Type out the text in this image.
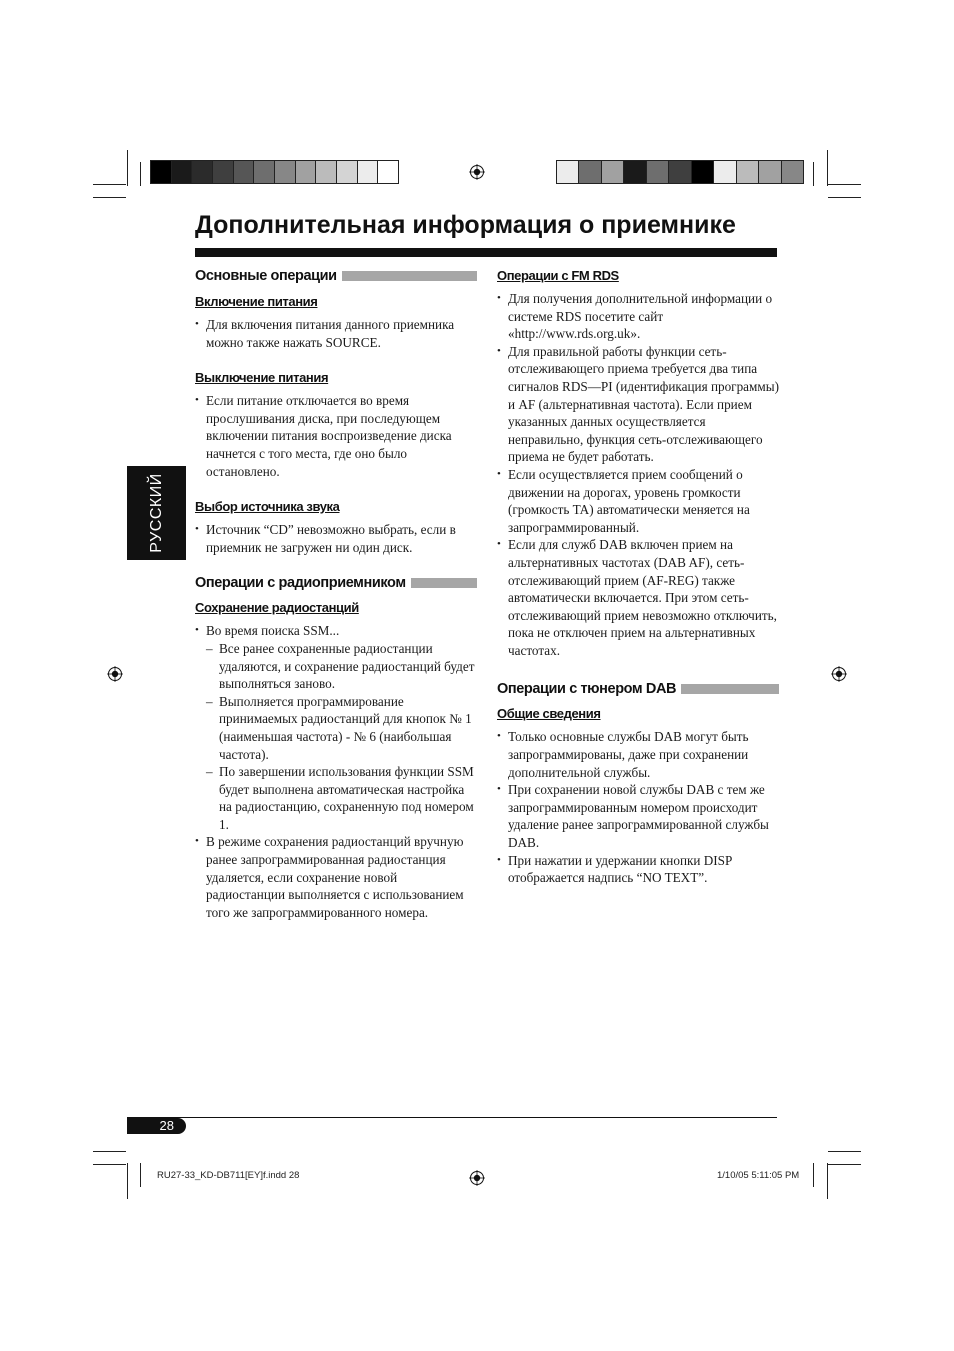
Дополнительная информация о приемнике
РУССКИЙ
Основные операции
Включение питания
• Для включения питания данного приемника можно также нажать SOURCE.
Выключение питания
• Если питание отключается во время прослушивания диска, при последующем включении питания воспроизведение диска начнется с того места, где оно было остановлено.
Выбор источника звука
• Источник “CD” невозможно выбрать, если в приемник не загружен ни один диск.
Операции с радиоприемником
Сохранение радиостанций
• Во время поиска SSM...
– Все ранее сохраненные радиостанции удаляются, и сохранение радиостанций будет выполняться заново.
– Выполняется программирование принимаемых радиостанций для кнопок № 1 (наименьшая частота) - № 6 (наибольшая частота).
– По завершении использования функции SSM будет выполнена автоматическая настройка на радиостанцию, сохраненную под номером 1.
• В режиме сохранения радиостанций вручную ранее запрограммированная радиостанция удаляется, если сохранение новой радиостанции выполняется с использованием того же запрограммированного номера.
Операции с FM RDS
• Для получения дополнительной информации о системе RDS посетите сайт «http://www.rds.org.uk».
• Для правильной работы функции сеть-отслеживающего приема требуется два типа сигналов RDS—PI (идентификация программы) и AF (альтернативная частота). Если прием указанных данных осуществляется неправильно, функция сеть-отслеживающего приема не будет работать.
• Если осуществляется прием сообщений о движении на дорогах, уровень громкости (громкость TA) автоматически меняется на запрограммированный.
• Если для служб DAB включен прием на альтернативных частотах (DAB AF), сеть-отслеживающий прием (AF-REG) также автоматически включается. При этом сеть-отслеживающий прием невозможно отключить, пока не отключен прием на альтернативных частотах.
Операции с тюнером DAB
Общие сведения
• Только основные службы DAB могут быть запрограммированы, даже при сохранении дополнительной службы.
• При сохранении новой службы DAB с тем же запрограммированным номером происходит удаление ранее запрограммированной службы DAB.
• При нажатии и удержании кнопки DISP отображается надпись “NO TEXT”.
28
RU27-33_KD-DB711[EY]f.indd 28	1/10/05 5:11:05 PM
